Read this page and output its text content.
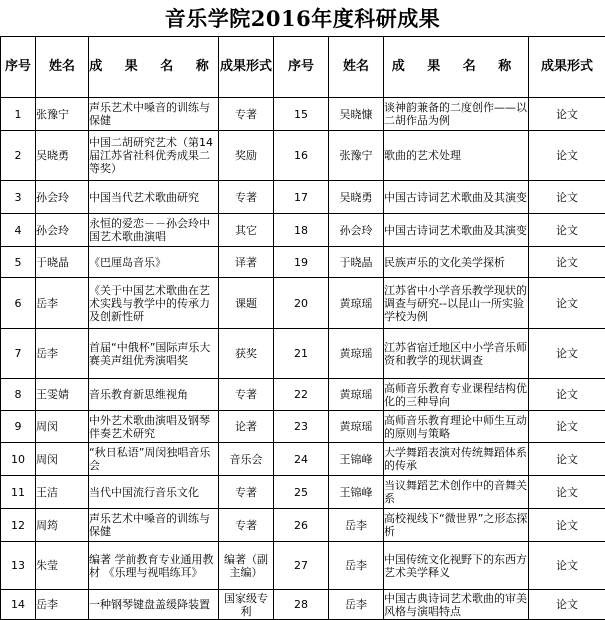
音乐学院2016年度科研成果
序号	姓名	成 果 名 称	成果形式	序号	姓名	成 果 名 称	成果形式
1	张豫宁	声乐艺术中嗓音的训练与保健	专著	15	吴晓慷	谈神韵兼备的二度创作——以二胡作品为例	论文
2	吴晓勇	中国二胡研究艺术（第14届江苏省社科优秀成果二等奖）	奖励	16	张豫宁	歌曲的艺术处理	论文
3	孙会玲	中国当代艺术歌曲研究	专著	17	吴晓勇	中国古诗词艺术歌曲及其演变	论文
4	孙会玲	永恒的爱恋－－孙会玲中国艺术歌曲演唱	其它	18	孙会玲	中国古诗词艺术歌曲及其演变	论文
5	于晓晶	《巴厘岛音乐》	译著	19	于晓晶	民族声乐的文化美学探析	论文
6	岳李	《关于中国艺术歌曲在艺术实践与教学中的传承力及创新性研	课题	20	黄琼瑶	江苏省中小学音乐教学现状的调查与研究--以昆山一所实验学校为例	论文
7	岳李	首届“中俄杯”国际声乐大赛美声组优秀演唱奖	获奖	21	黄琼瑶	江苏省宿迁地区中小学音乐师资和教学的现状调查	论文
8	王雯婧	音乐教育新思维视角	专著	22	黄琼瑶	高师音乐教育专业课程结构优化的三种导向	论文
9	周闵	中外艺术歌曲演唱及钢琴伴奏艺术研究	论著	23	黄琼瑶	高师音乐教育理论中师生互动的原则与策略	论文
10	周闵	“秋日私语”周闵独唱音乐会	音乐会	24	王锦峰	大学舞蹈表演对传统舞蹈体系的传承	论文
11	王洁	当代中国流行音乐文化	专著	25	王锦峰	当议舞蹈艺术创作中的音舞关系	论文
12	周筠	声乐艺术中嗓音的训练与保健	专著	26	岳李	高校视线下“微世界”之形态探析	论文
13	朱莹	编著 学前教育专业通用教材 《乐理与视唱练耳》	编著（副主编）	27	岳李	中国传统文化视野下的东西方艺术美学释义	论文
14	岳李	一种钢琴键盘盖缓降装置	国家级专利	28	岳李	中国古典诗词艺术歌曲的审美风格与演唱特点	论文
